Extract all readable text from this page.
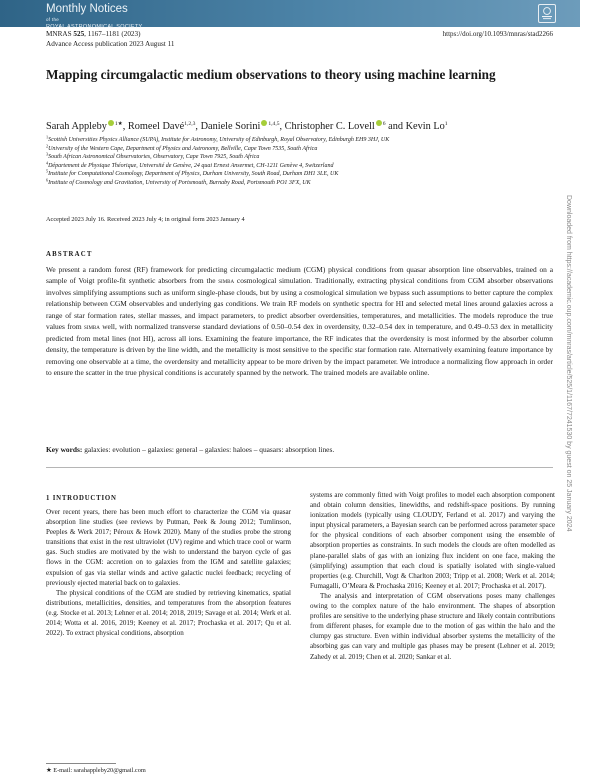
Monthly Notices
of the
ROYAL ASTRONOMICAL SOCIETY
MNRAS 525, 1167–1181 (2023)	https://doi.org/10.1093/mnras/stad2266
Advance Access publication 2023 August 11
Mapping circumgalactic medium observations to theory using machine learning
Sarah Appleby $^{1★}$, Romeel Davé$^{1,2,3}$, Daniele Sorini $^{1,4,5}$, Christopher C. Lovell $^6$ and Kevin Lo$^1$
$^1$Scottish Universities Physics Alliance (SUPA), Institute for Astronomy, University of Edinburgh, Royal Observatory, Edinburgh EH9 3HJ, UK
$^2$University of the Western Cape, Department of Physics and Astronomy, Bellville, Cape Town 7535, South Africa
$^3$South African Astronomical Observatories, Observatory, Cape Town 7925, South Africa
$^4$Département de Physique Théorique, Université de Genève, 24 quai Ernest Ansermet, CH-1211 Genève 4, Switzerland
$^5$Institute for Computational Cosmology, Department of Physics, Durham University, South Road, Durham DH1 3LE, UK
$^6$Institute of Cosmology and Gravitation, University of Portsmouth, Burnaby Road, Portsmouth PO1 3FX, UK
Accepted 2023 July 16. Received 2023 July 4; in original form 2023 January 4
ABSTRACT

We present a random forest (RF) framework for predicting circumgalactic medium (CGM) physical conditions from quasar absorption line observables, trained on a sample of Voigt profile-fit synthetic absorbers from the simba cosmological simulation. Traditionally, extracting physical conditions from CGM absorber observations involves simplifying assumptions such as uniform single-phase clouds, but by using a cosmological simulation we bypass such assumptions to better capture the complex relationship between CGM observables and underlying gas conditions. We train RF models on synthetic spectra for HI and selected metal lines around galaxies across a range of star formation rates, stellar masses, and impact parameters, to predict absorber overdensities, temperatures, and metallicities. The models reproduce the true values from simba well, with normalized transverse standard deviations of 0.50–0.54 dex in overdensity, 0.32–0.54 dex in temperature, and 0.49–0.53 dex in metallicity predicted from metal lines (not HI), across all ions. Examining the feature importance, the RF indicates that the overdensity is most informed by the absorber column density, the temperature is driven by the line width, and the metallicity is most sensitive to the specific star formation rate. Alternatively examining feature importance by removing one observable at a time, the overdensity and metallicity appear to be more driven by the impact parameter. We introduce a normalizing flow approach in order to ensure the scatter in the true physical conditions is accurately spanned by the network. The trained models are available online.

Key words: galaxies: evolution – galaxies: general – galaxies: haloes – quasars: absorption lines.
1 INTRODUCTION

Over recent years, there has been much effort to characterize the CGM via quasar absorption line studies (see reviews by Putman, Peek & Joung 2012; Tumlinson, Peeples & Werk 2017; Péroux & Howk 2020). Many of the studies probe the strong transitions that exist in the rest ultraviolet (UV) regime and which trace cool or warm gas. Such studies are motivated by the wish to understand the baryon cycle of gas flows in the CGM: accretion on to galaxies from the IGM and satellite galaxies; expulsion of gas via stellar winds and active galactic nuclei feedback; recycling of previously ejected material back on to galaxies.

The physical conditions of the CGM are studied by retrieving kinematics, spatial distributions, metallicities, densities, and temperatures from the absorption features (e.g. Stocke et al. 2013; Lehner et al. 2014; 2018, 2019; Savage et al. 2014; Werk et al. 2014; Wotta et al. 2016, 2019; Keeney et al. 2017; Prochaska et al. 2017; Qu et al. 2022). To extract physical conditions, absorption

systems are commonly fitted with Voigt profiles to model each absorption component and obtain column densities, linewidths, and redshift-space positions. By running ionization models (typically using CLOUDY, Ferland et al. 2017) and varying the input physical parameters, a Bayesian search can be performed across parameter space for the physical conditions of each absorber component using the ensemble of absorption properties as constraints. In such models the clouds are often modelled as plane-parallel slabs of gas with an ionizing flux incident on one face, making the (simplifying) assumption that each cloud is spatially isolated with single-valued properties (e.g. Churchill, Vogt & Charlton 2003; Tripp et al. 2008; Werk et al. 2014; Fumagalli, O’Meara & Prochaska 2016; Keeney et al. 2017; Prochaska et al. 2017).

The analysis and interpretation of CGM observations poses many challenges owing to the complex nature of the halo environment. The shapes of absorption profiles are sensitive to the underlying phase structure and likely contain contributions from different phases, for example due to the motion of gas within the halo and the clumpy gas structure. Even within individual absorber systems the metallicity of the absorbing gas can vary and multiple gas phases may be present (Lehner et al. 2019; Zahedy et al. 2019; Chen et al. 2020; Sankar et al.

★ E-mail: sarahappleby20@gmail.com
Downloaded from https://academic.oup.com/mnras/article/525/1/1167/7241530 by guest on 25 January 2024
